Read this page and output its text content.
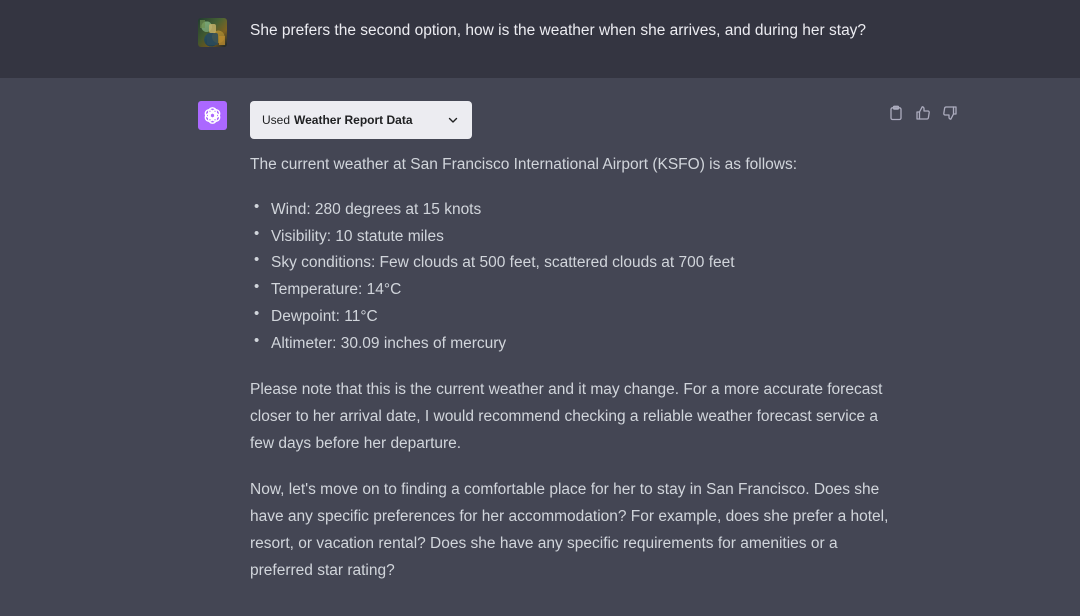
She prefers the second option, how is the weather when she arrives, and during her stay?
Used Weather Report Data

The current weather at San Francisco International Airport (KSFO) is as follows:

• Wind: 280 degrees at 15 knots
• Visibility: 10 statute miles
• Sky conditions: Few clouds at 500 feet, scattered clouds at 700 feet
• Temperature: 14°C
• Dewpoint: 11°C
• Altimeter: 30.09 inches of mercury

Please note that this is the current weather and it may change. For a more accurate forecast closer to her arrival date, I would recommend checking a reliable weather forecast service a few days before her departure.

Now, let's move on to finding a comfortable place for her to stay in San Francisco. Does she have any specific preferences for her accommodation? For example, does she prefer a hotel, resort, or vacation rental? Does she have any specific requirements for amenities or a preferred star rating?
